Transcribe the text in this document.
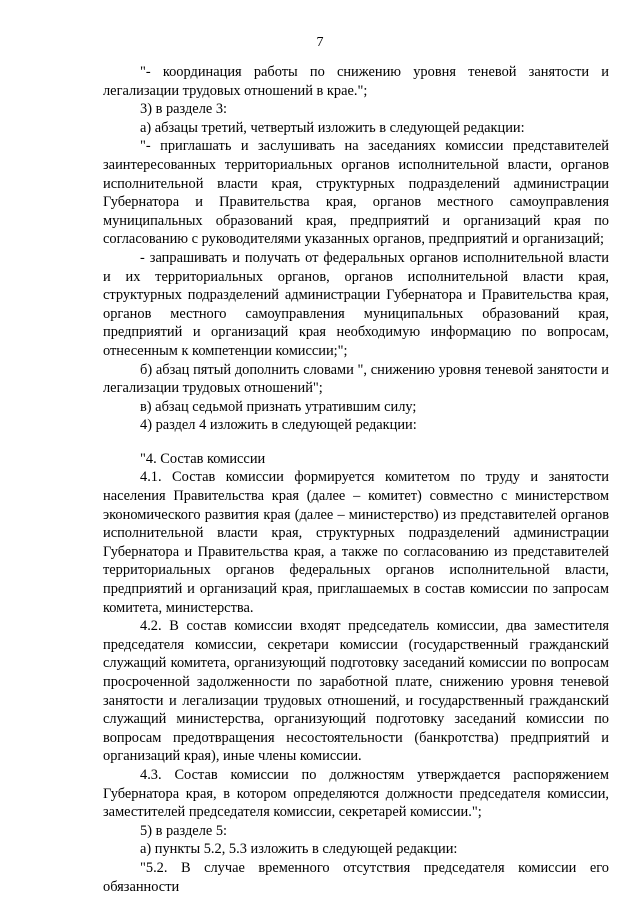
7

"- координация работы по снижению уровня теневой занятости и легализации трудовых отношений в крае.";

3) в разделе 3:

а) абзацы третий, четвертый изложить в следующей редакции:

"- приглашать и заслушивать на заседаниях комиссии представителей заинтересованных территориальных органов исполнительной власти, органов исполнительной власти края, структурных подразделений администрации Губернатора и Правительства края, органов местного самоуправления муниципальных образований края, предприятий и организаций края по согласованию с руководителями указанных органов, предприятий и организаций;

- запрашивать и получать от федеральных органов исполнительной власти и их территориальных органов, органов исполнительной власти края, структурных подразделений администрации Губернатора и Правительства края, органов местного самоуправления муниципальных образований края, предприятий и организаций края необходимую информацию по вопросам, отнесенным к компетенции комиссии;";

б) абзац пятый дополнить словами ", снижению уровня теневой занятости и легализации трудовых отношений";

в) абзац седьмой признать утратившим силу;

4) раздел 4 изложить в следующей редакции:

"4. Состав комиссии

4.1. Состав комиссии формируется комитетом по труду и занятости населения Правительства края (далее – комитет) совместно с министерством экономического развития края (далее – министерство) из представителей органов исполнительной власти края, структурных подразделений администрации Губернатора и Правительства края, а также по согласованию из представителей территориальных органов федеральных органов исполнительной власти, предприятий и организаций края, приглашаемых в состав комиссии по запросам комитета, министерства.

4.2. В состав комиссии входят председатель комиссии, два заместителя председателя комиссии, секретари комиссии (государственный гражданский служащий комитета, организующий подготовку заседаний комиссии по вопросам просроченной задолженности по заработной плате, снижению уровня теневой занятости и легализации трудовых отношений, и государственный гражданский служащий министерства, организующий подготовку заседаний комиссии по вопросам предотвращения несостоятельности (банкротства) предприятий и организаций края), иные члены комиссии.

4.3. Состав комиссии по должностям утверждается распоряжением Губернатора края, в котором определяются должности председателя комиссии, заместителей председателя комиссии, секретарей комиссии.";

5) в разделе 5:

а) пункты 5.2, 5.3 изложить в следующей редакции:

"5.2. В случае временного отсутствия председателя комиссии его обязанности
